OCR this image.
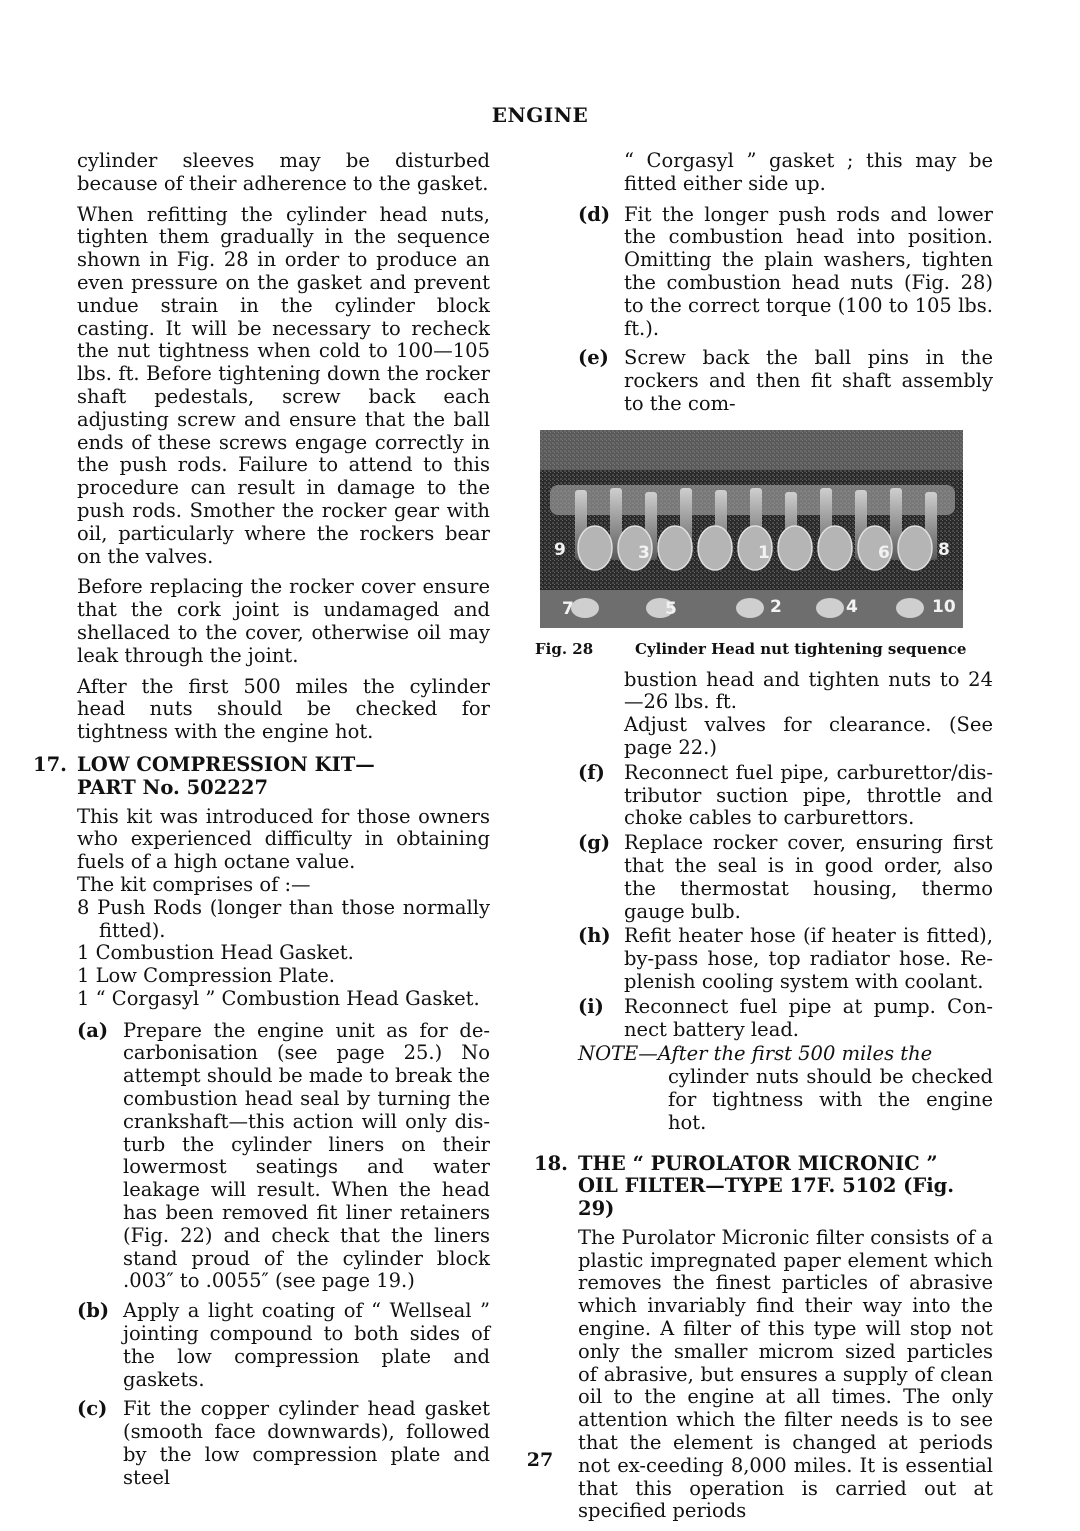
ENGINE

cylinder sleeves may be disturbed because of their adherence to the gasket.

When refitting the cylinder head nuts, tighten them gradually in the sequence shown in Fig. 28 in order to produce an even pressure on the gasket and prevent undue strain in the cylinder block casting. It will be necessary to recheck the nut tightness when cold to 100—105 lbs. ft. Before tightening down the rocker shaft pedestals, screw back each adjusting screw and ensure that the ball ends of these screws engage correctly in the push rods. Failure to attend to this procedure can result in damage to the push rods. Smother the rocker gear with oil, particularly where the rockers bear on the valves.

Before replacing the rocker cover ensure that the cork joint is undamaged and shellaced to the cover, otherwise oil may leak through the joint.

After the first 500 miles the cylinder head nuts should be checked for tightness with the engine hot.

17. LOW COMPRESSION KIT—
PART No. 502227

This kit was introduced for those owners who experienced difficulty in obtaining fuels of a high octane value.

The kit comprises of :—

8 Push Rods (longer than those normally fitted).

1 Combustion Head Gasket.

1 Low Compression Plate.

1 “ Corgasyl ” Combustion Head Gasket.

(a) Prepare the engine unit as for de-carbonisation (see page 25.) No attempt should be made to break the combustion head seal by turning the crankshaft—this action will only dis-turb the cylinder liners on their lowermost seatings and water leakage will result. When the head has been removed fit liner retainers (Fig. 22) and check that the liners stand proud of the cylinder block .003″ to .0055″ (see page 19.)
(b) Apply a light coating of “ Wellseal ” jointing compound to both sides of the low compression plate and gaskets.
(c) Fit the copper cylinder head gasket (smooth face downwards), followed by the low compression plate and steel

“ Corgasyl ” gasket ; this may be fitted either side up.

(d) Fit the longer push rods and lower the combustion head into position. Omitting the plain washers, tighten the combustion head nuts (Fig. 28) to the correct torque (100 to 105 lbs. ft.).
(e) Screw back the ball pins in the rockers and then fit shaft assembly to the com-
9	3	1	6	8
7	5	2	4	10
Fig. 28	Cylinder Head nut tightening sequence

bustion head and tighten nuts to 24—26 lbs. ft.

Adjust valves for clearance. (See page 22.)

(f) Reconnect fuel pipe, carburettor/dis-tributor suction pipe, throttle and choke cables to carburettors.
(g) Replace rocker cover, ensuring first that the seal is in good order, also the thermostat housing, thermo gauge bulb.
(h) Refit heater hose (if heater is fitted), by-pass hose, top radiator hose. Re-plenish cooling system with coolant.
(i)	Reconnect fuel pipe at pump. Con-nect battery lead.
NOTE—After the first 500 miles the
cylinder nuts should be checked for tightness with the engine hot.
18. THE “ PUROLATOR MICRONIC ”
OIL FILTER—TYPE 17F. 5102 (Fig. 29)

The Purolator Micronic filter consists of a plastic impregnated paper element which removes the finest particles of abrasive which invariably find their way into the engine. A filter of this type will stop not only the smaller microm sized particles of abrasive, but ensures a supply of clean oil to the engine at all times. The only attention which the filter needs is to see that the element is changed at periods not ex-ceeding 8,000 miles. It is essential that this operation is carried out at specified periods

27
